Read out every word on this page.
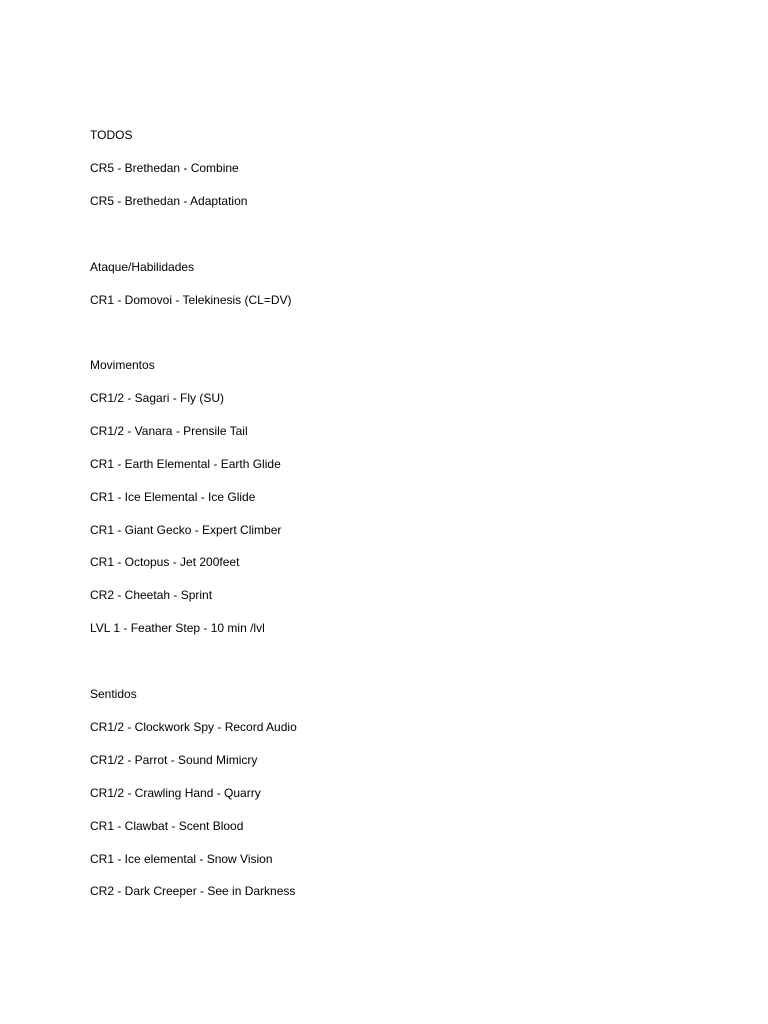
TODOS
CR5 - Brethedan - Combine
CR5 - Brethedan - Adaptation
Ataque/Habilidades
CR1 - Domovoi - Telekinesis (CL=DV)
Movimentos
CR1/2 - Sagari - Fly (SU)
CR1/2 - Vanara - Prensile Tail
CR1 - Earth Elemental - Earth Glide
CR1 - Ice Elemental - Ice Glide
CR1 - Giant Gecko - Expert Climber
CR1 - Octopus - Jet 200feet
CR2 - Cheetah - Sprint
LVL 1 - Feather Step - 10 min /lvl
Sentidos
CR1/2 - Clockwork Spy - Record Audio
CR1/2 - Parrot - Sound Mimicry
CR1/2 - Crawling Hand - Quarry
CR1 - Clawbat - Scent Blood
CR1 - Ice elemental - Snow Vision
CR2 - Dark Creeper - See in Darkness
